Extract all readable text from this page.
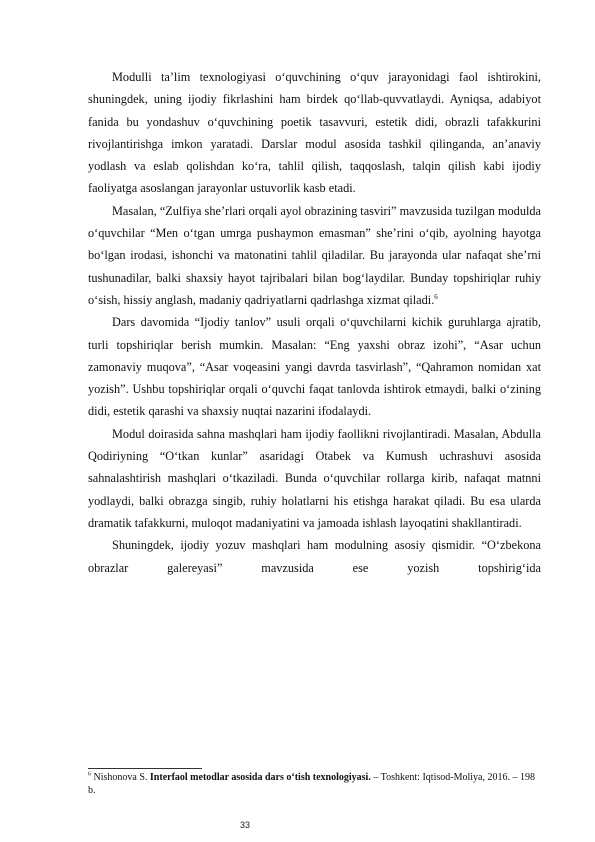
Modulli ta’lim texnologiyasi o‘quvchining o‘quv jarayonidagi faol ishtirokini, shuningdek, uning ijodiy fikrlashini ham birdek qo‘llab-quvvatlaydi. Ayniqsa, adabiyot fanida bu yondashuv o‘quvchining poetik tasavvuri, estetik didi, obrazli tafakkurini rivojlantirishga imkon yaratadi. Darslar modul asosida tashkil qilinganda, an’anaviy yodlash va eslab qolishdan ko‘ra, tahlil qilish, taqqoslash, talqin qilish kabi ijodiy faoliyatga asoslangan jarayonlar ustuvorlik kasb etadi.

Masalan, “Zulfiya she’rlari orqali ayol obrazining tasviri” mavzusida tuzilgan modulda o‘quvchilar “Men o‘tgan umrga pushaymon emasman” she’rini o‘qib, ayolning hayotga bo‘lgan irodasi, ishonchi va matonatini tahlil qiladilar. Bu jarayonda ular nafaqat she’rni tushunadilar, balki shaxsiy hayot tajribalari bilan bog‘laydilar. Bunday topshiriqlar ruhiy o‘sish, hissiy anglash, madaniy qadriyatlarni qadrlashga xizmat qiladi.$^6$

Dars davomida “Ijodiy tanlov” usuli orqali o‘quvchilarni kichik guruhlarga ajratib, turli topshiriqlar berish mumkin. Masalan: “Eng yaxshi obraz izohi”, “Asar uchun zamonaviy muqova”, “Asar voqeasini yangi davrda tasvirlash”, “Qahramon nomidan xat yozish”. Ushbu topshiriqlar orqali o‘quvchi faqat tanlovda ishtirok etmaydi, balki o‘zining didi, estetik qarashi va shaxsiy nuqtai nazarini ifodalaydi.

Modul doirasida sahna mashqlari ham ijodiy faollikni rivojlantiradi. Masalan, Abdulla Qodiriyning “O‘tkan kunlar” asaridagi Otabek va Kumush uchrashuvi asosida sahnalashtirish mashqlari o‘tkaziladi. Bunda o‘quvchilar rollarga kirib, nafaqat matnni yodlaydi, balki obrazga singib, ruhiy holatlarni his etishga harakat qiladi. Bu esa ularda dramatik tafakkurni, muloqot madaniyatini va jamoada ishlash layoqatini shakllantiradi.

Shuningdek, ijodiy yozuv mashqlari ham modulning asosiy qismidir. “O‘zbekona obrazlar galereyasi” mavzusida ese yozish topshirig‘ida

$^6$ Nishonova S. Interfaol metodlar asosida dars o‘tish texnologiyasi. – Toshkent: Iqtisod-Moliya, 2016. – 198 b.

33
